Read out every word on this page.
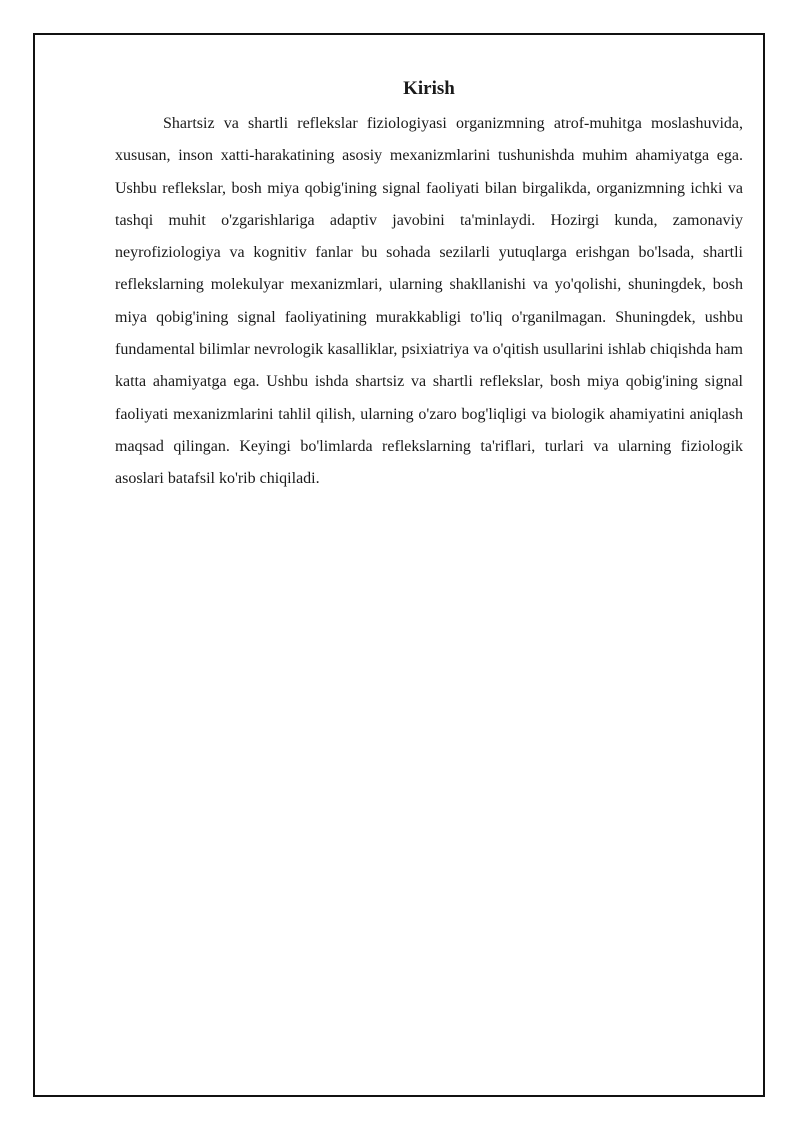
Kirish

Shartsiz va shartli reflekslar fiziologiyasi organizmning atrof-muhitga moslashuvida, xususan, inson xatti-harakatining asosiy mexanizmlarini tushunishda muhim ahamiyatga ega. Ushbu reflekslar, bosh miya qobig'ining signal faoliyati bilan birgalikda, organizmning ichki va tashqi muhit o'zgarishlariga adaptiv javobini ta'minlaydi. Hozirgi kunda, zamonaviy neyrofiziologiya va kognitiv fanlar bu sohada sezilarli yutuqlarga erishgan bo'lsada, shartli reflekslarning molekulyar mexanizmlari, ularning shakllanishi va yo'qolishi, shuningdek, bosh miya qobig'ining signal faoliyatining murakkabligi to'liq o'rganilmagan. Shuningdek, ushbu fundamental bilimlar nevrologik kasalliklar, psixiatriya va o'qitish usullarini ishlab chiqishda ham katta ahamiyatga ega. Ushbu ishda shartsiz va shartli reflekslar, bosh miya qobig'ining signal faoliyati mexanizmlarini tahlil qilish, ularning o'zaro bog'liqligi va biologik ahamiyatini aniqlash maqsad qilingan. Keyingi bo'limlarda reflekslarning ta'riflari, turlari va ularning fiziologik asoslari batafsil ko'rib chiqiladi.
